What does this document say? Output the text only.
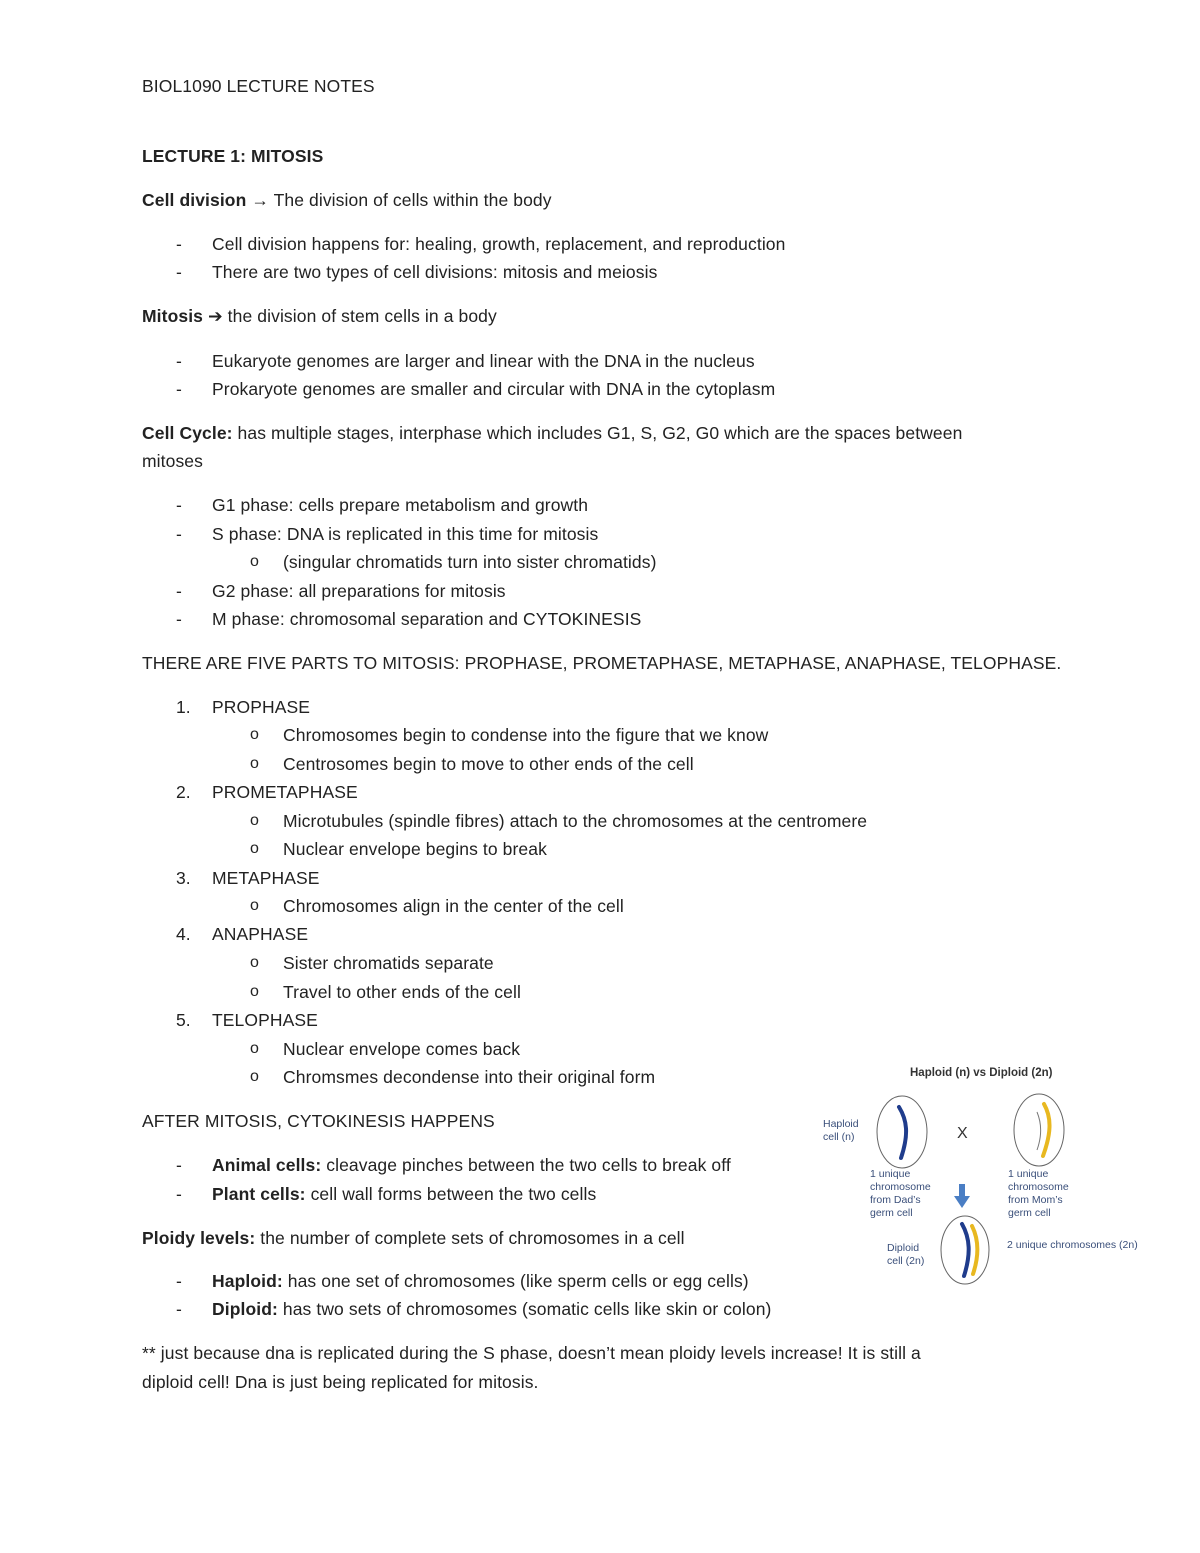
BIOL1090 LECTURE NOTES
LECTURE 1: MITOSIS
Cell division → The division of cells within the body
- Cell division happens for: healing, growth, replacement, and reproduction
- There are two types of cell divisions: mitosis and meiosis
Mitosis ➔ the division of stem cells in a body
- Eukaryote genomes are larger and linear with the DNA in the nucleus
- Prokaryote genomes are smaller and circular with DNA in the cytoplasm
Cell Cycle: has multiple stages, interphase which includes G1, S, G2, G0 which are the spaces between
mitoses
- G1 phase: cells prepare metabolism and growth
- S phase: DNA is replicated in this time for mitosis
o (singular chromatids turn into sister chromatids)
- G2 phase: all preparations for mitosis
- M phase: chromosomal separation and CYTOKINESIS
THERE ARE FIVE PARTS TO MITOSIS: PROPHASE, PROMETAPHASE, METAPHASE, ANAPHASE, TELOPHASE.
1. PROPHASE
o Chromosomes begin to condense into the figure that we know
o Centrosomes begin to move to other ends of the cell
2. PROMETAPHASE
o Microtubules (spindle fibres) attach to the chromosomes at the centromere
o Nuclear envelope begins to break
3. METAPHASE
o Chromosomes align in the center of the cell
4. ANAPHASE
o Sister chromatids separate
o Travel to other ends of the cell
5. TELOPHASE
o Nuclear envelope comes back
o Chromsmes decondense into their original form
AFTER MITOSIS, CYTOKINESIS HAPPENS
- Animal cells: cleavage pinches between the two cells to break off
- Plant cells: cell wall forms between the two cells
Ploidy levels: the number of complete sets of chromosomes in a cell
- Haploid: has one set of chromosomes (like sperm cells or egg cells)
- Diploid: has two sets of chromosomes (somatic cells like skin or colon)
** just because dna is replicated during the S phase, doesn’t mean ploidy levels increase! It is still a
diploid cell! Dna is just being replicated for mitosis.
Haploid (n) vs Diploid (2n)
Haploid
cell (n)	X
1 unique
chromosome
from Dad’s
germ cell
1 unique
chromosome
from Mom’s
germ cell
Diploid
cell (2n)
2 unique chromosomes (2n)
